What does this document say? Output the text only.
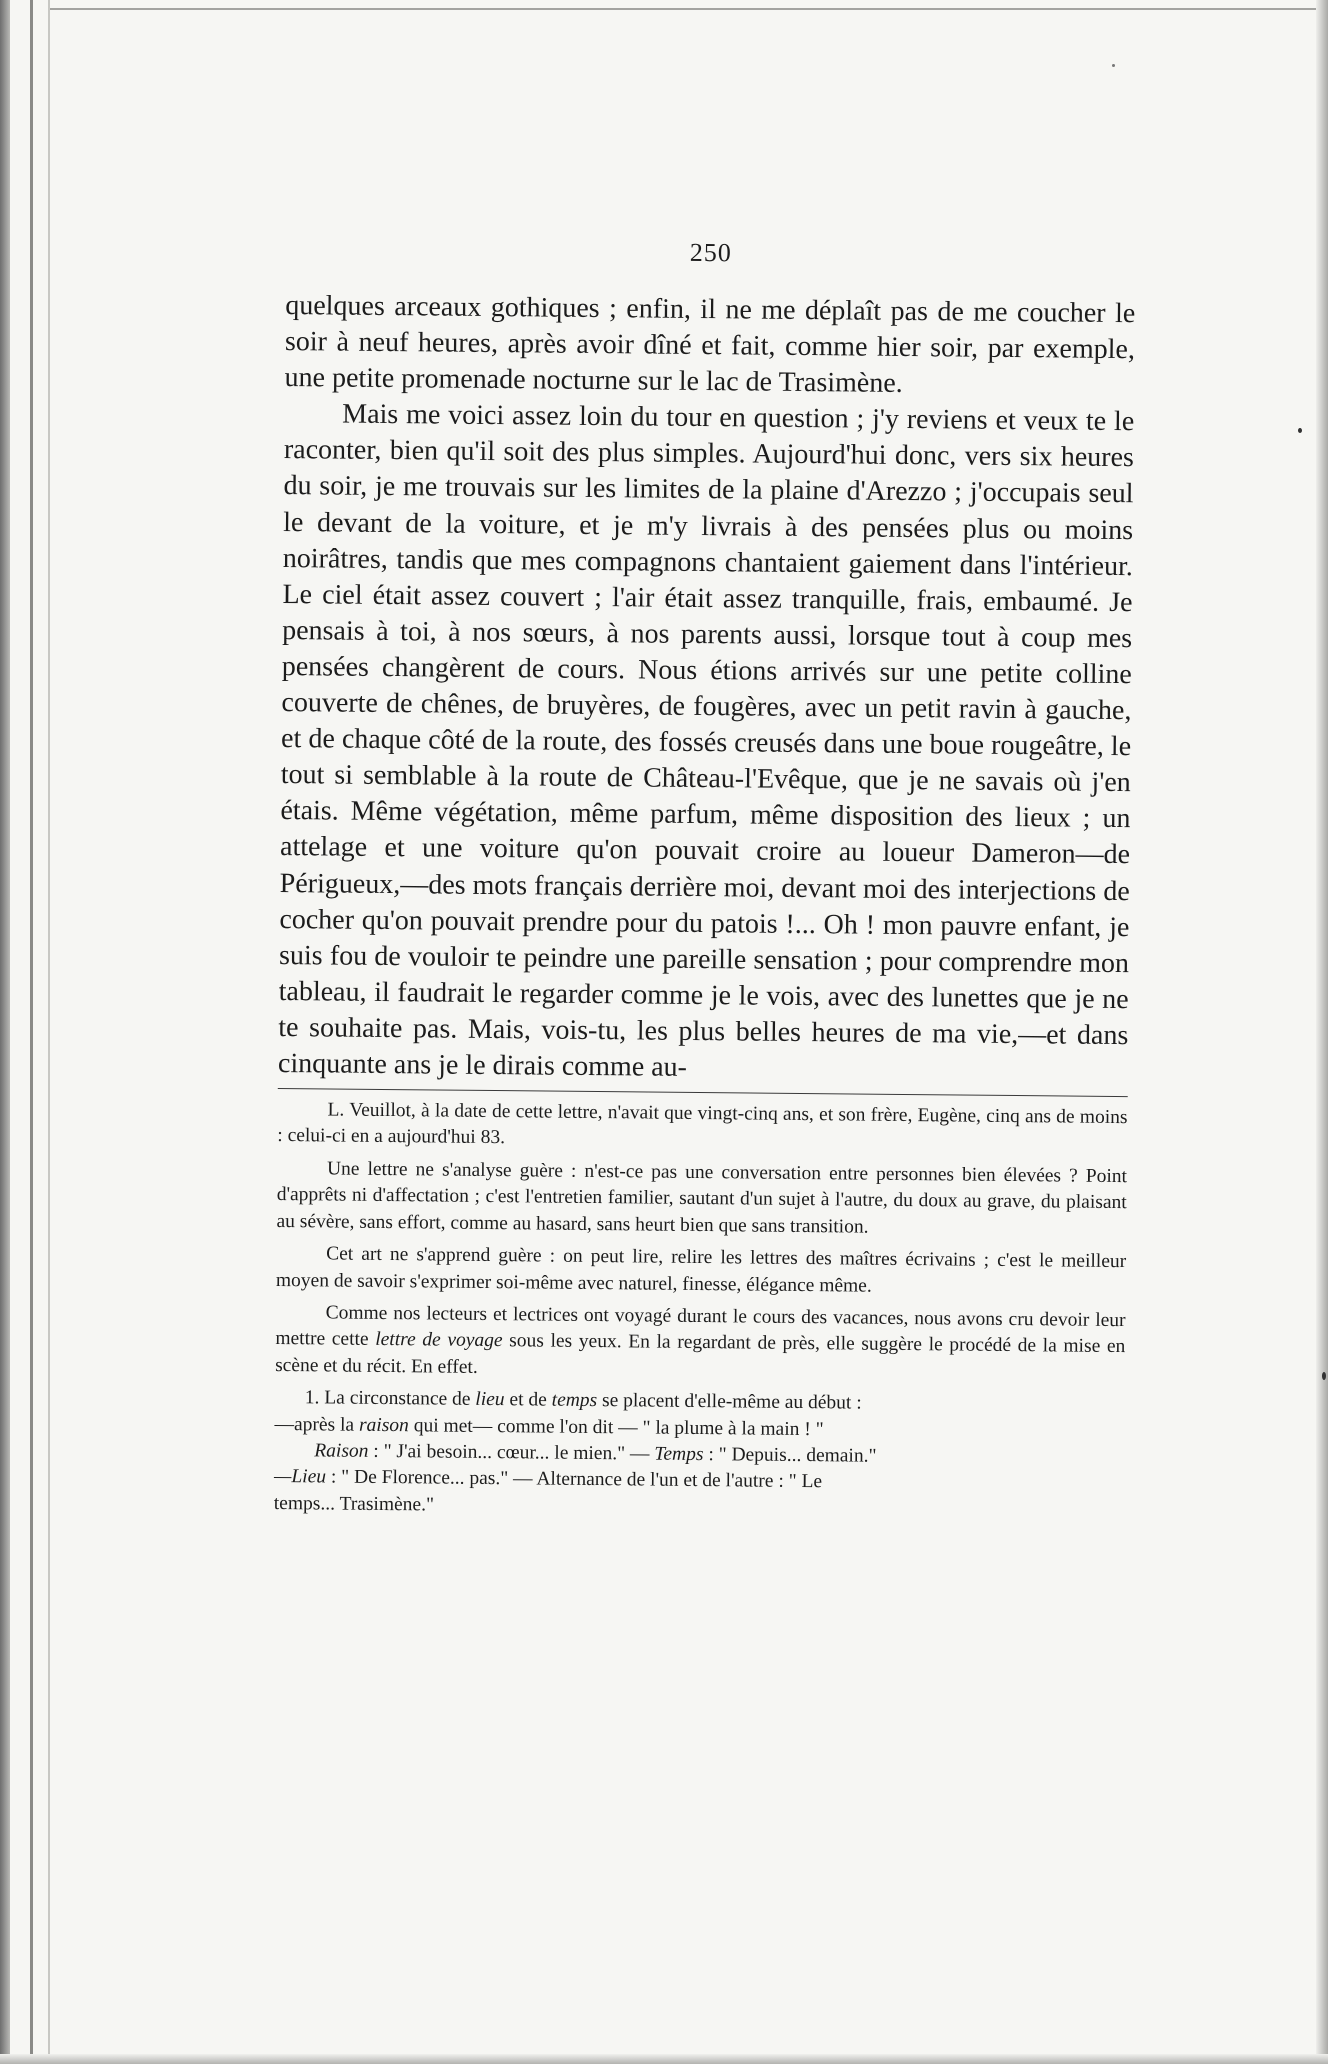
250

quelques arceaux gothiques ; enfin, il ne me déplaît pas de me coucher le soir à neuf heures, après avoir dîné et fait, comme hier soir, par exemple, une petite promenade nocturne sur le lac de Trasimène.

Mais me voici assez loin du tour en question ; j'y reviens et veux te le raconter, bien qu'il soit des plus simples. Aujourd'hui donc, vers six heures du soir, je me trouvais sur les limites de la plaine d'Arezzo ; j'occupais seul le devant de la voiture, et je m'y livrais à des pensées plus ou moins noirâtres, tandis que mes compagnons chantaient gaiement dans l'intérieur. Le ciel était assez couvert ; l'air était assez tranquille, frais, embaumé. Je pensais à toi, à nos sœurs, à nos parents aussi, lorsque tout à coup mes pensées changèrent de cours. Nous étions arrivés sur une petite colline couverte de chênes, de bruyères, de fougères, avec un petit ravin à gauche, et de chaque côté de la route, des fossés creusés dans une boue rougeâtre, le tout si semblable à la route de Château-l'Evêque, que je ne savais où j'en étais. Même végétation, même parfum, même disposition des lieux ; un attelage et une voiture qu'on pouvait croire au loueur Dameron—de Périgueux,—des mots français derrière moi, devant moi des interjections de cocher qu'on pouvait prendre pour du patois !... Oh ! mon pauvre enfant, je suis fou de vouloir te peindre une pareille sensation ; pour comprendre mon tableau, il faudrait le regarder comme je le vois, avec des lunettes que je ne te souhaite pas. Mais, vois-tu, les plus belles heures de ma vie,—et dans cinquante ans je le dirais comme au-

L. Veuillot, à la date de cette lettre, n'avait que vingt-cinq ans, et son frère, Eugène, cinq ans de moins : celui-ci en a aujourd'hui 83.

Une lettre ne s'analyse guère : n'est-ce pas une conversation entre personnes bien élevées ? Point d'apprêts ni d'affectation ; c'est l'entretien familier, sautant d'un sujet à l'autre, du doux au grave, du plaisant au sévère, sans effort, comme au hasard, sans heurt bien que sans transition.

Cet art ne s'apprend guère : on peut lire, relire les lettres des maîtres écrivains ; c'est le meilleur moyen de savoir s'exprimer soi-même avec naturel, finesse, élégance même.

Comme nos lecteurs et lectrices ont voyagé durant le cours des vacances, nous avons cru devoir leur mettre cette lettre de voyage sous les yeux. En la regardant de près, elle suggère le procédé de la mise en scène et du récit. En effet.

1. La circonstance de lieu et de temps se placent d'elle-même au début :
—après la raison qui met— comme l'on dit — " la plume à la main ! "
Raison : " J'ai besoin... cœur... le mien." — Temps : " Depuis... demain."
—Lieu : " De Florence... pas." — Alternance de l'un et de l'autre : " Le
temps... Trasimène."
